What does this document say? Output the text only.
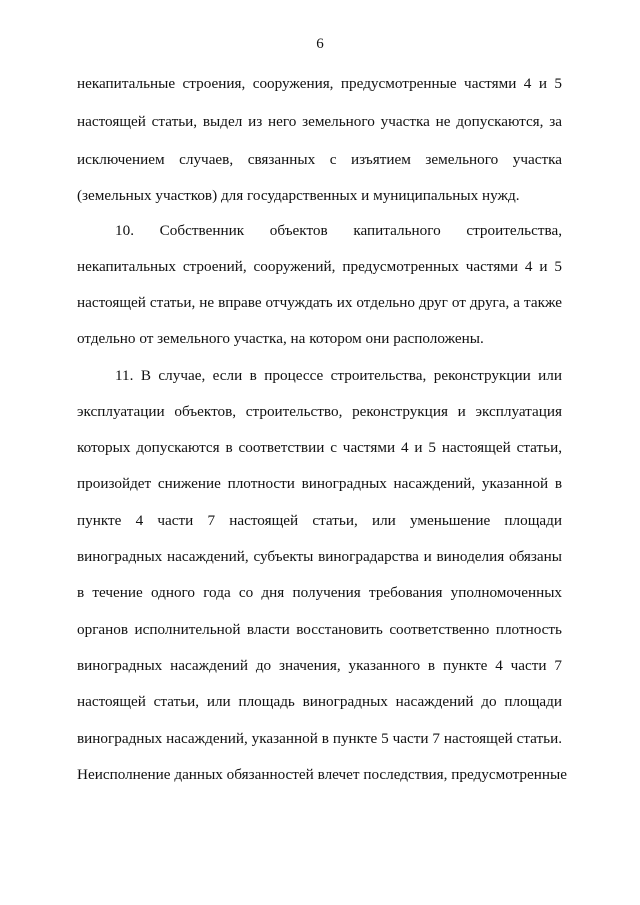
6
некапитальные строения, сооружения, предусмотренные частями 4 и 5
настоящей статьи, выдел из него земельного участка не допускаются, за
исключением случаев, связанных с изъятием земельного участка
(земельных участков) для государственных и муниципальных нужд.
10. Собственник объектов капитального строительства,
некапитальных строений, сооружений, предусмотренных частями 4 и 5
настоящей статьи, не вправе отчуждать их отдельно друг от друга, а также
отдельно от земельного участка, на котором они расположены.
11. В случае, если в процессе строительства, реконструкции или
эксплуатации объектов, строительство, реконструкция и эксплуатация
которых допускаются в соответствии с частями 4 и 5 настоящей статьи,
произойдет снижение плотности виноградных насаждений, указанной в
пункте 4 части 7 настоящей статьи, или уменьшение площади
виноградных насаждений, субъекты виноградарства и виноделия обязаны
в течение одного года со дня получения требования уполномоченных
органов исполнительной власти восстановить соответственно плотность
виноградных насаждений до значения, указанного в пункте 4 части 7
настоящей статьи, или площадь виноградных насаждений до площади
виноградных насаждений, указанной в пункте 5 части 7 настоящей статьи.
Неисполнение данных обязанностей влечет последствия, предусмотренные
